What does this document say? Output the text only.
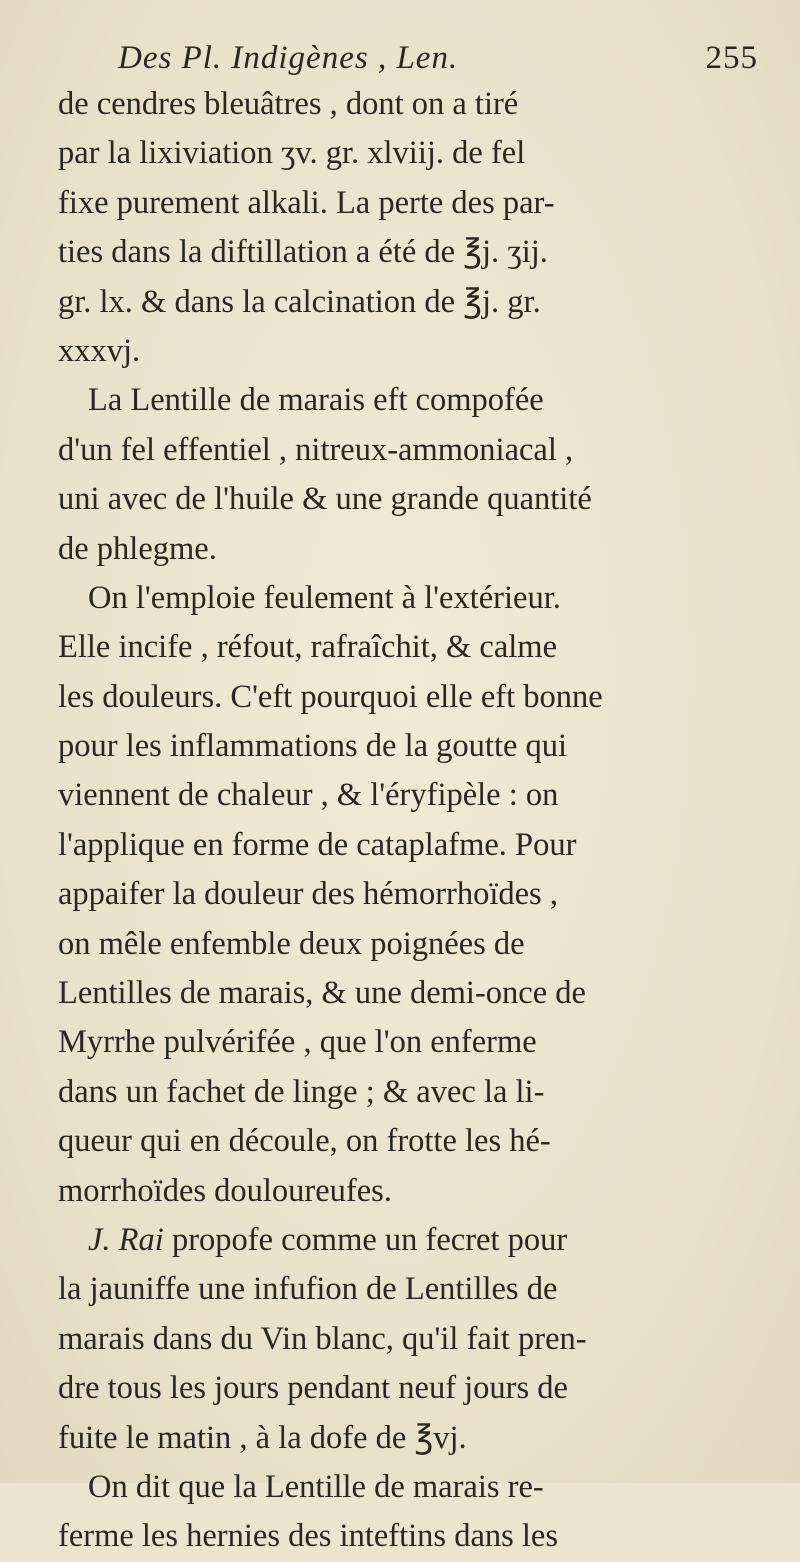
Des Pl. Indigènes , Len.	255
de cendres bleuâtres , dont on a tiré
par la lixiviation ʒv. gr. xlviij. de fel
fixe purement alkali. La perte des par-
ties dans la diftillation a été de ℥j. ʒij.
gr. lx. & dans la calcination de ℥j. gr.
xxxvj.
La Lentille de marais eft compofée
d'un fel effentiel , nitreux-ammoniacal ,
uni avec de l'huile & une grande quantité
de phlegme.
On l'emploie feulement à l'extérieur.
Elle incife , réfout, rafraîchit, & calme
les douleurs. C'eft pourquoi elle eft bonne
pour les inflammations de la goutte qui
viennent de chaleur , & l'éryfipèle : on
l'applique en forme de cataplafme. Pour
appaifer la douleur des hémorrhoïdes ,
on mêle enfemble deux poignées de
Lentilles de marais, & une demi-once de
Myrrhe pulvérifée , que l'on enferme
dans un fachet de linge ; & avec la li-
queur qui en découle, on frotte les hé-
morrhoïdes douloureufes.
J. Rai propofe comme un fecret pour
la jauniffe une infufion de Lentilles de
marais dans du Vin blanc, qu'il fait pren-
dre tous les jours pendant neuf jours de
fuite le matin , à la dofe de ℥vj.
On dit que la Lentille de marais re-
ferme les hernies des inteftins dans les
